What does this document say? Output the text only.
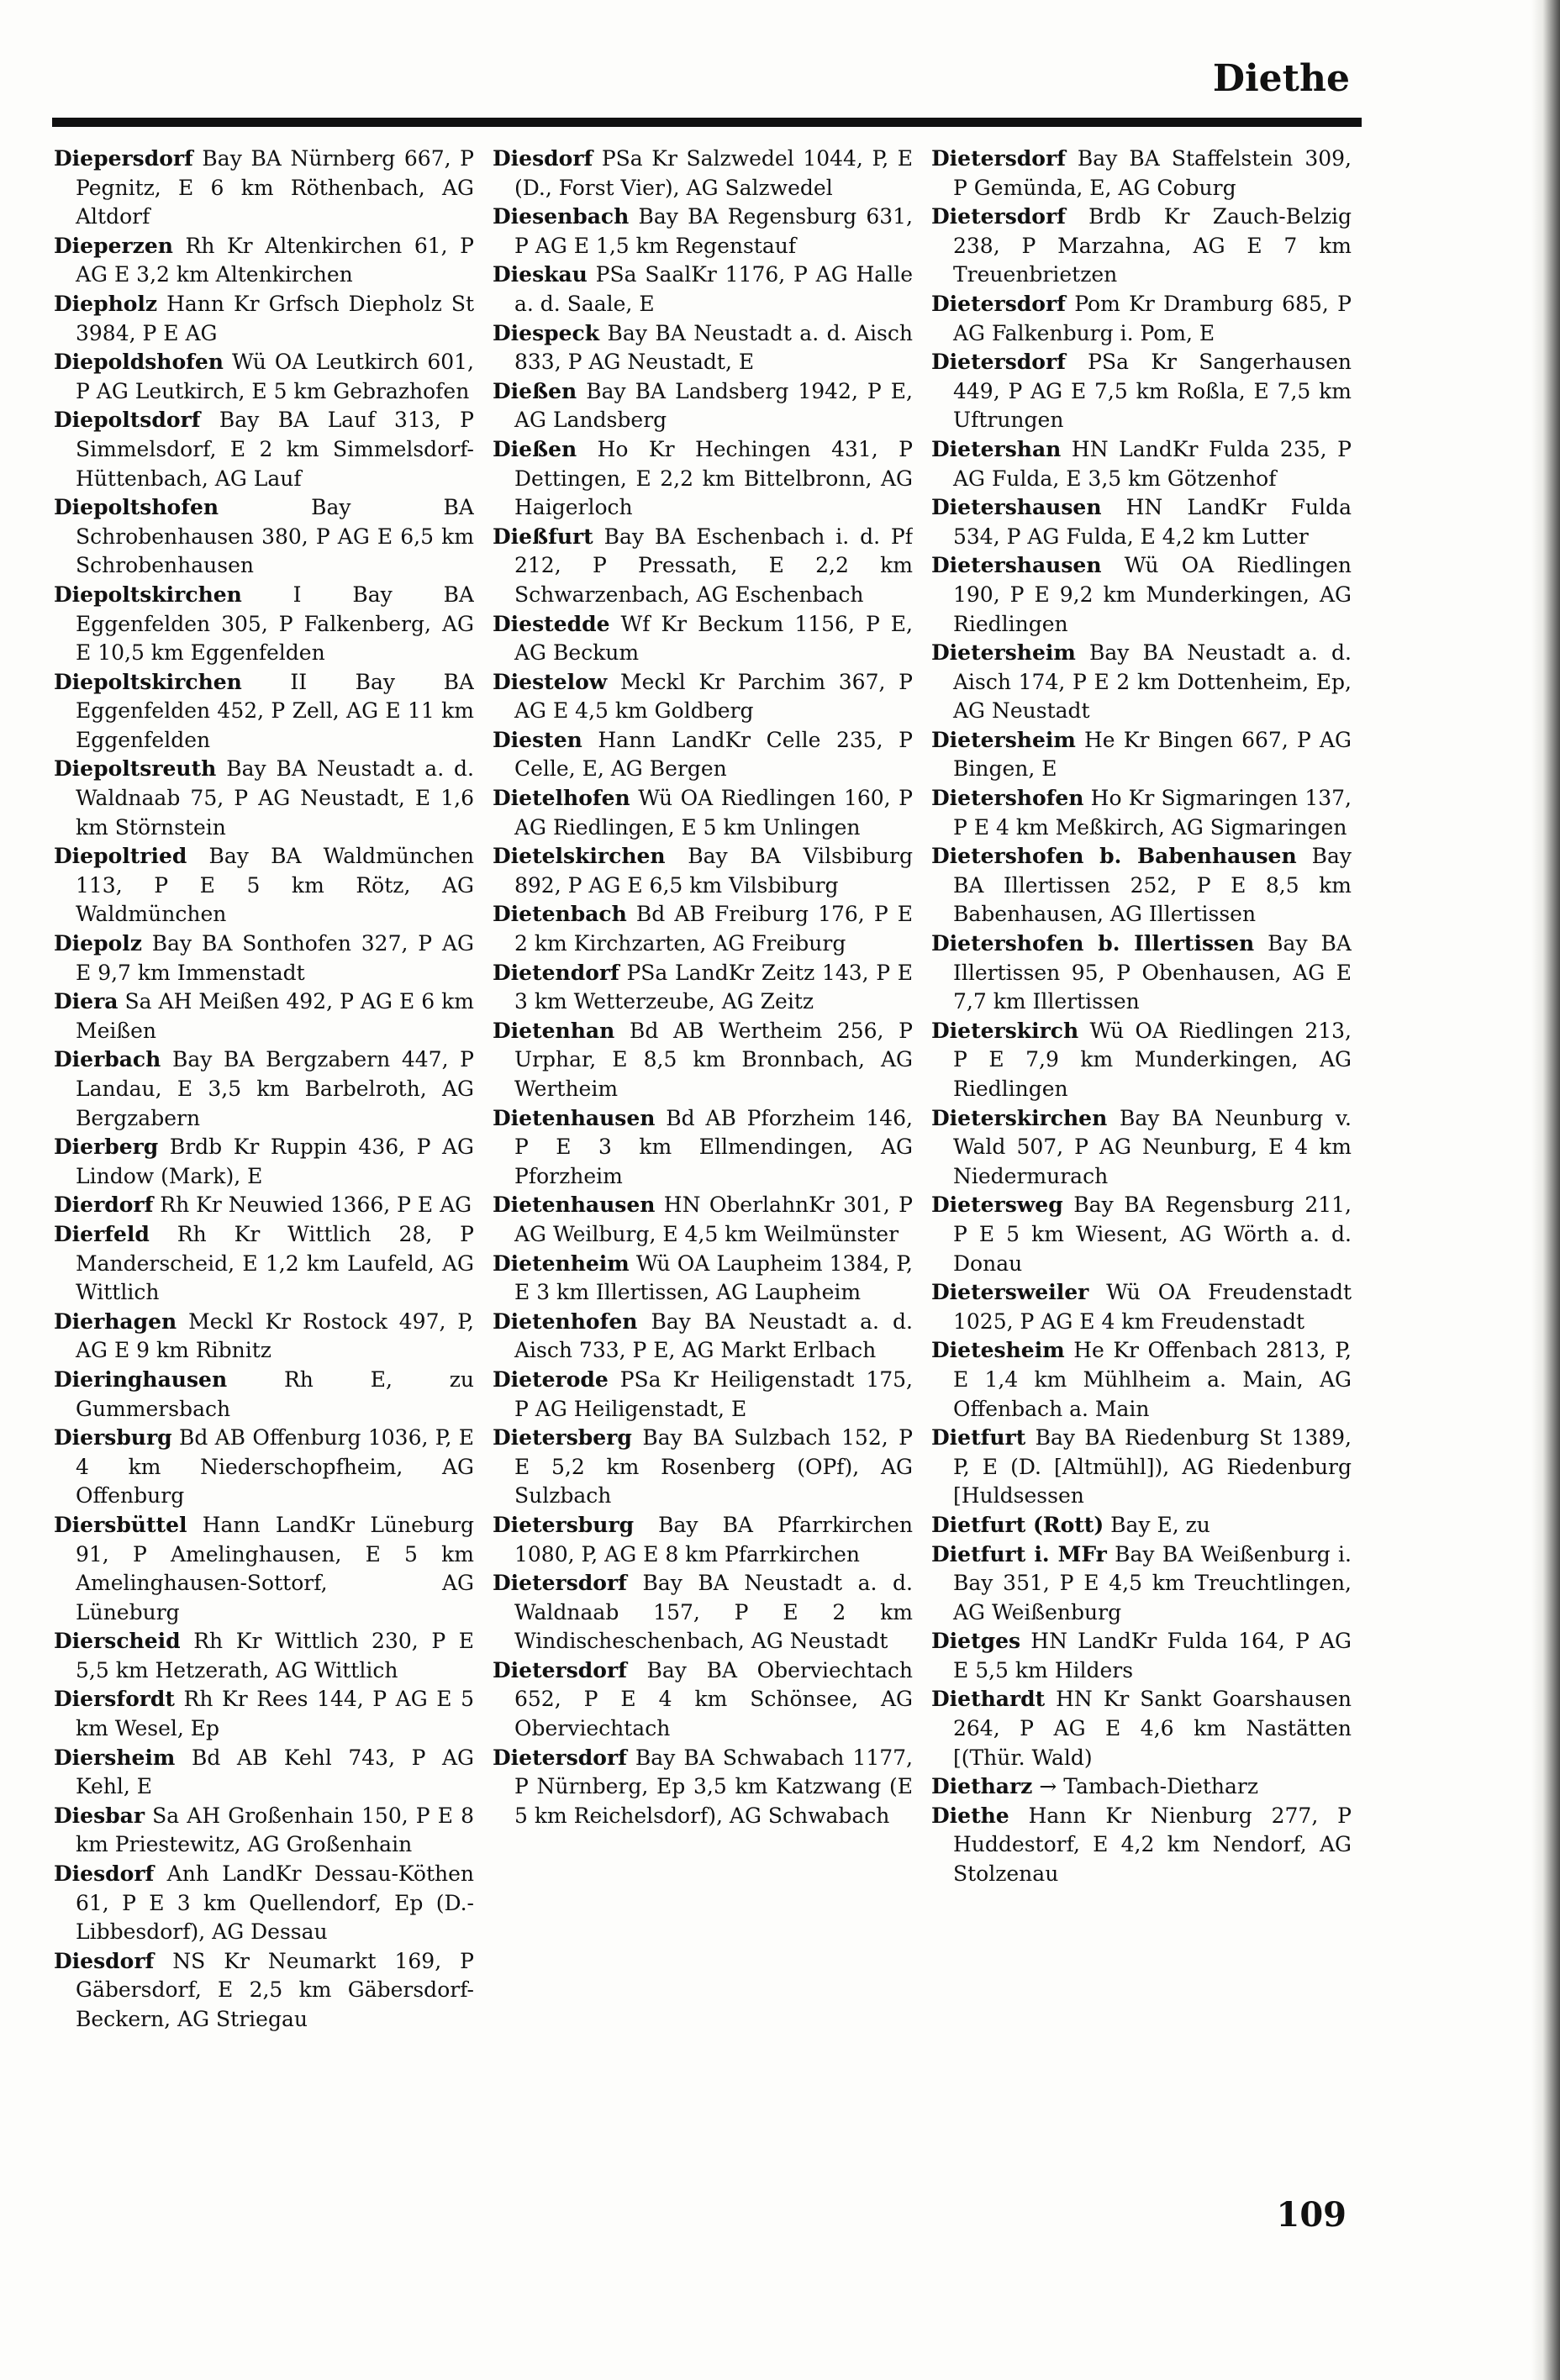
Diethe

Diepersdorf Bay BA Nürnberg 667, P Pegnitz, E 6 km Röthenbach, AG Altdorf

Dieperzen Rh Kr Altenkirchen 61, P AG E 3,2 km Altenkirchen

Diepholz Hann Kr Grfsch Diepholz St 3984, P E AG

Diepoldshofen Wü OA Leutkirch 601, P AG Leutkirch, E 5 km Gebrazhofen

Diepoltsdorf Bay BA Lauf 313, P Simmelsdorf, E 2 km Simmelsdorf-Hüttenbach, AG Lauf

Diepoltshofen Bay BA Schrobenhausen 380, P AG E 6,5 km Schrobenhausen

Diepoltskirchen I Bay BA Eggenfelden 305, P Falkenberg, AG E 10,5 km Eggenfelden

Diepoltskirchen II Bay BA Eggenfelden 452, P Zell, AG E 11 km Eggenfelden

Diepoltsreuth Bay BA Neustadt a. d. Waldnaab 75, P AG Neustadt, E 1,6 km Störnstein

Diepoltried Bay BA Waldmünchen 113, P E 5 km Rötz, AG Waldmünchen

Diepolz Bay BA Sonthofen 327, P AG E 9,7 km Immenstadt

Diera Sa AH Meißen 492, P AG E 6 km Meißen

Dierbach Bay BA Bergzabern 447, P Landau, E 3,5 km Barbelroth, AG Bergzabern

Dierberg Brdb Kr Ruppin 436, P AG Lindow (Mark), E

Dierdorf Rh Kr Neuwied 1366, P E AG

Dierfeld Rh Kr Wittlich 28, P Manderscheid, E 1,2 km Laufeld, AG Wittlich

Dierhagen Meckl Kr Rostock 497, P, AG E 9 km Ribnitz

Dieringhausen Rh E, zu Gummersbach

Diersburg Bd AB Offenburg 1036, P, E 4 km Niederschopfheim, AG Offenburg

Diersbüttel Hann LandKr Lüneburg 91, P Amelinghausen, E 5 km Amelinghausen-Sottorf, AG Lüneburg

Dierscheid Rh Kr Wittlich 230, P E 5,5 km Hetzerath, AG Wittlich

Diersfordt Rh Kr Rees 144, P AG E 5 km Wesel, Ep

Diersheim Bd AB Kehl 743, P AG Kehl, E

Diesbar Sa AH Großenhain 150, P E 8 km Priestewitz, AG Großenhain

Diesdorf Anh LandKr Dessau-Köthen 61, P E 3 km Quellendorf, Ep (D.-Libbesdorf), AG Dessau

Diesdorf NS Kr Neumarkt 169, P Gäbersdorf, E 2,5 km Gäbersdorf-Beckern, AG Striegau

Diesdorf PSa Kr Salzwedel 1044, P, E (D., Forst Vier), AG Salzwedel

Diesenbach Bay BA Regensburg 631, P AG E 1,5 km Regenstauf

Dieskau PSa SaalKr 1176, P AG Halle a. d. Saale, E

Diespeck Bay BA Neustadt a. d. Aisch 833, P AG Neustadt, E

Dießen Bay BA Landsberg 1942, P E, AG Landsberg

Dießen Ho Kr Hechingen 431, P Dettingen, E 2,2 km Bittelbronn, AG Haigerloch

Dießfurt Bay BA Eschenbach i. d. Pf 212, P Pressath, E 2,2 km Schwarzenbach, AG Eschenbach

Diestedde Wf Kr Beckum 1156, P E, AG Beckum

Diestelow Meckl Kr Parchim 367, P AG E 4,5 km Goldberg

Diesten Hann LandKr Celle 235, P Celle, E, AG Bergen

Dietelhofen Wü OA Riedlingen 160, P AG Riedlingen, E 5 km Unlingen

Dietelskirchen Bay BA Vilsbiburg 892, P AG E 6,5 km Vilsbiburg

Dietenbach Bd AB Freiburg 176, P E 2 km Kirchzarten, AG Freiburg

Dietendorf PSa LandKr Zeitz 143, P E 3 km Wetterzeube, AG Zeitz

Dietenhan Bd AB Wertheim 256, P Urphar, E 8,5 km Bronnbach, AG Wertheim

Dietenhausen Bd AB Pforzheim 146, P E 3 km Ellmendingen, AG Pforzheim

Dietenhausen HN OberlahnKr 301, P AG Weilburg, E 4,5 km Weilmünster

Dietenheim Wü OA Laupheim 1384, P, E 3 km Illertissen, AG Laupheim

Dietenhofen Bay BA Neustadt a. d. Aisch 733, P E, AG Markt Erlbach

Dieterode PSa Kr Heiligenstadt 175, P AG Heiligenstadt, E

Dietersberg Bay BA Sulzbach 152, P E 5,2 km Rosenberg (OPf), AG Sulzbach

Dietersburg Bay BA Pfarrkirchen 1080, P, AG E 8 km Pfarrkirchen

Dietersdorf Bay BA Neustadt a. d. Waldnaab 157, P E 2 km Windischeschenbach, AG Neustadt

Dietersdorf Bay BA Oberviechtach 652, P E 4 km Schönsee, AG Oberviechtach

Dietersdorf Bay BA Schwabach 1177, P Nürnberg, Ep 3,5 km Katzwang (E 5 km Reichelsdorf), AG Schwabach

Dietersdorf Bay BA Staffelstein 309, P Gemünda, E, AG Coburg

Dietersdorf Brdb Kr Zauch-Belzig 238, P Marzahna, AG E 7 km Treuenbrietzen

Dietersdorf Pom Kr Dramburg 685, P AG Falkenburg i. Pom, E

Dietersdorf PSa Kr Sangerhausen 449, P AG E 7,5 km Roßla, E 7,5 km Uftrungen

Dietershan HN LandKr Fulda 235, P AG Fulda, E 3,5 km Götzenhof

Dietershausen HN LandKr Fulda 534, P AG Fulda, E 4,2 km Lutter

Dietershausen Wü OA Riedlingen 190, P E 9,2 km Munderkingen, AG Riedlingen

Dietersheim Bay BA Neustadt a. d. Aisch 174, P E 2 km Dottenheim, Ep, AG Neustadt

Dietersheim He Kr Bingen 667, P AG Bingen, E

Dietershofen Ho Kr Sigmaringen 137, P E 4 km Meßkirch, AG Sigmaringen

Dietershofen b. Babenhausen Bay BA Illertissen 252, P E 8,5 km Babenhausen, AG Illertissen

Dietershofen b. Illertissen Bay BA Illertissen 95, P Obenhausen, AG E 7,7 km Illertissen

Dieterskirch Wü OA Riedlingen 213, P E 7,9 km Munderkingen, AG Riedlingen

Dieterskirchen Bay BA Neunburg v. Wald 507, P AG Neunburg, E 4 km Niedermurach

Dietersweg Bay BA Regensburg 211, P E 5 km Wiesent, AG Wörth a. d. Donau

Dietersweiler Wü OA Freudenstadt 1025, P AG E 4 km Freudenstadt

Dietesheim He Kr Offenbach 2813, P, E 1,4 km Mühlheim a. Main, AG Offenbach a. Main

Dietfurt Bay BA Riedenburg St 1389, P, E (D. [Altmühl]), AG Riedenburg [Huldsessen

Dietfurt (Rott) Bay E, zu

Dietfurt i. MFr Bay BA Weißenburg i. Bay 351, P E 4,5 km Treuchtlingen, AG Weißenburg

Dietges HN LandKr Fulda 164, P AG E 5,5 km Hilders

Diethardt HN Kr Sankt Goarshausen 264, P AG E 4,6 km Nastätten [(Thür. Wald)

Dietharz → Tambach-Dietharz

Diethe Hann Kr Nienburg 277, P Huddestorf, E 4,2 km Nendorf, AG Stolzenau

109
